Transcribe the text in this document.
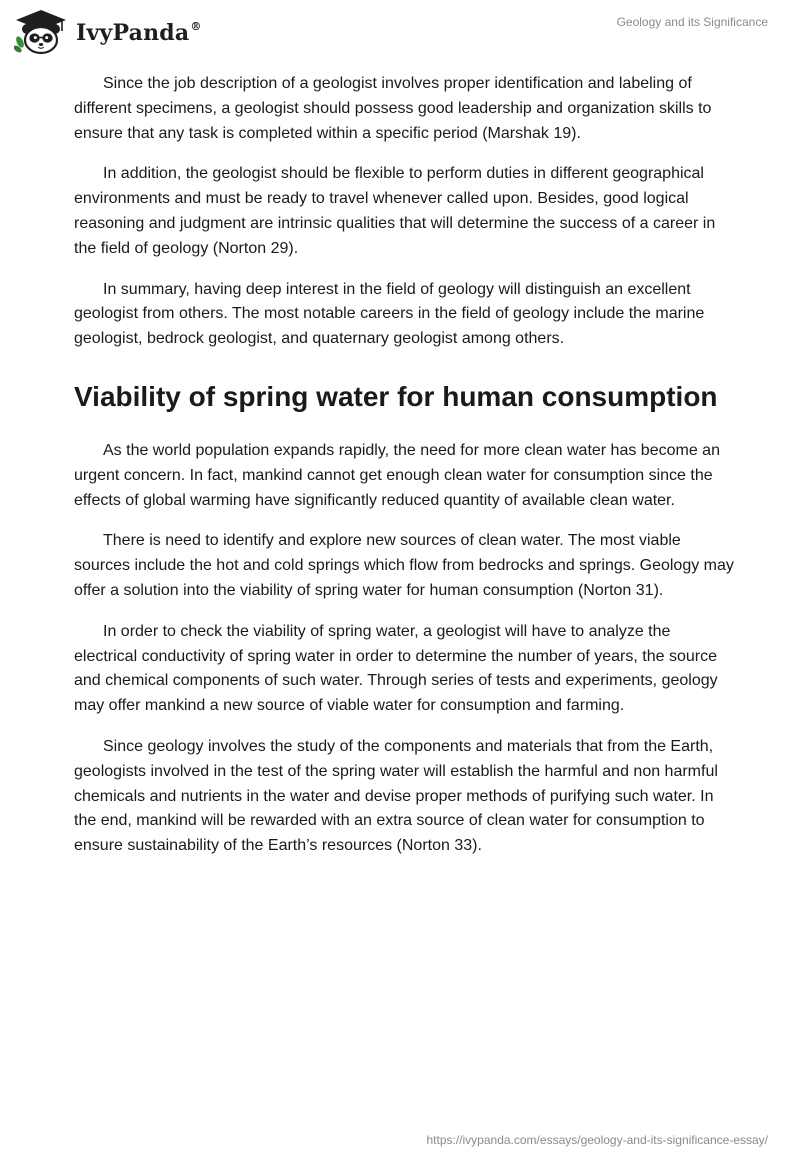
IvyPanda®	Geology and its Significance

Since the job description of a geologist involves proper identification and labeling of different specimens, a geologist should possess good leadership and organization skills to ensure that any task is completed within a specific period (Marshak 19).

In addition, the geologist should be flexible to perform duties in different geographical environments and must be ready to travel whenever called upon. Besides, good logical reasoning and judgment are intrinsic qualities that will determine the success of a career in the field of geology (Norton 29).

In summary, having deep interest in the field of geology will distinguish an excellent geologist from others. The most notable careers in the field of geology include the marine geologist, bedrock geologist, and quaternary geologist among others.

Viability of spring water for human consumption

As the world population expands rapidly, the need for more clean water has become an urgent concern. In fact, mankind cannot get enough clean water for consumption since the effects of global warming have significantly reduced quantity of available clean water.

There is need to identify and explore new sources of clean water. The most viable sources include the hot and cold springs which flow from bedrocks and springs. Geology may offer a solution into the viability of spring water for human consumption (Norton 31).

In order to check the viability of spring water, a geologist will have to analyze the electrical conductivity of spring water in order to determine the number of years, the source and chemical components of such water. Through series of tests and experiments, geology may offer mankind a new source of viable water for consumption and farming.

Since geology involves the study of the components and materials that from the Earth, geologists involved in the test of the spring water will establish the harmful and non harmful chemicals and nutrients in the water and devise proper methods of purifying such water. In the end, mankind will be rewarded with an extra source of clean water for consumption to ensure sustainability of the Earth’s resources (Norton 33).

https://ivypanda.com/essays/geology-and-its-significance-essay/
